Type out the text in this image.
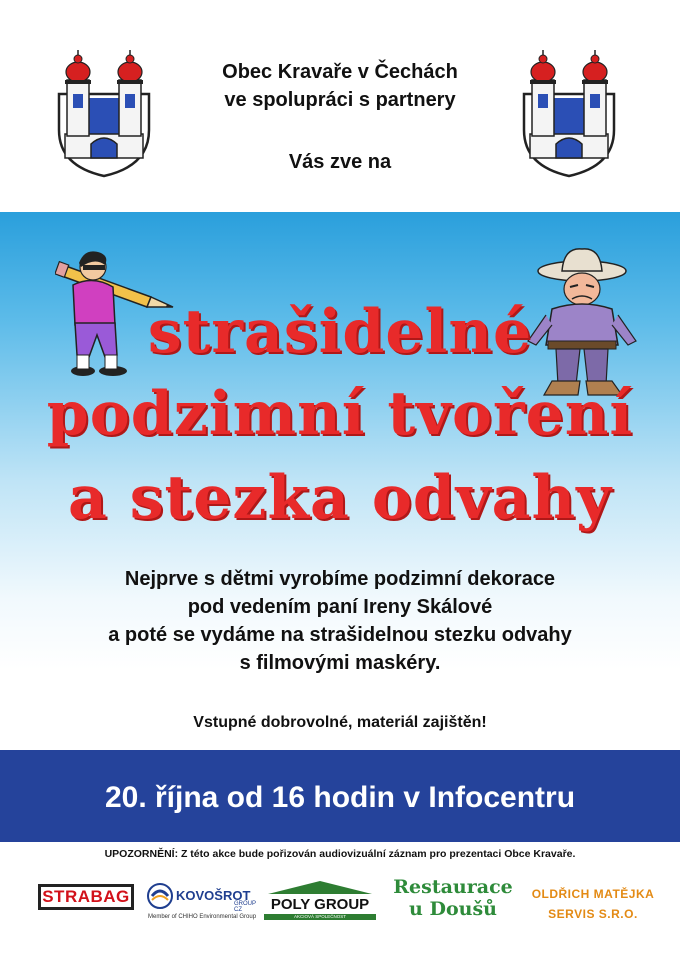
Obec Kravaře v Čechách
ve spolupráci s partnery
Vás zve na
strašidelné
podzimní tvoření
a stezka odvahy
Nejprve s dětmi vyrobíme podzimní dekorace
pod vedením paní Ireny Skálové
a poté se vydáme na strašidelnou stezku odvahy
s filmovými maskéry.
Vstupné dobrovolné, materiál zajištěn!
20. října od 16 hodin v Infocentru
UPOZORNĚNÍ: Z této akce bude pořizován audiovizuální záznam pro prezentaci Obce Kravaře.
STRABAG	KOVOŠROT
GROUP CZ
Member of CHIHO Environmental Group
POLY GROUP
AKCIOVÁ SPOLEČNOST
Restaurace
u Doušů
OLDŘICH MATĚJKA
SERVIS S.R.O.
